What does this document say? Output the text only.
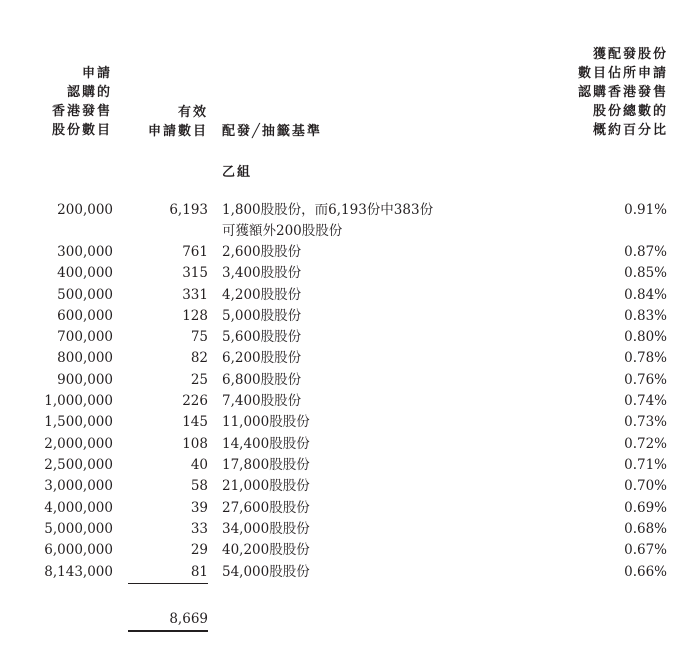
申請
認購的
香港發售
股份數目
有效
申請數目 配發╱抽籤基準
獲配發股份
數目佔所申請
認購香港發售
股份總數的
概約百分比
乙組
200,000	6,193 1,800股股份，而6,193份中383份	0.91%
可獲額外200股股份
300,000	761 2,600股股份	0.87%
400,000	315 3,400股股份	0.85%
500,000	331 4,200股股份	0.84%
600,000	128 5,000股股份	0.83%
700,000	75 5,600股股份	0.80%
800,000	82 6,200股股份	0.78%
900,000	25 6,800股股份	0.76%
1,000,000	226 7,400股股份	0.74%
1,500,000	145 11,000股股份	0.73%
2,000,000	108 14,400股股份	0.72%
2,500,000	40 17,800股股份	0.71%
3,000,000	58 21,000股股份	0.70%
4,000,000	39 27,600股股份	0.69%
5,000,000	33 34,000股股份	0.68%
6,000,000	29 40,200股股份	0.67%
8,143,000	81 54,000股股份	0.66%
8,669
